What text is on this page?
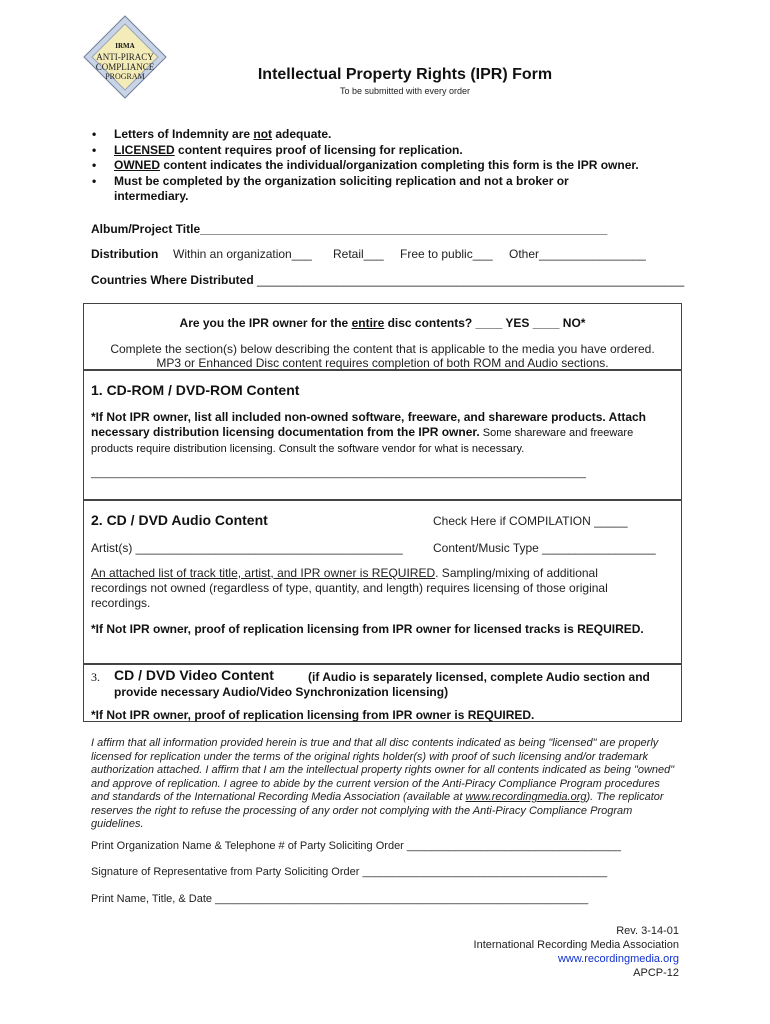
IRMA
ANTI-PIRACY
COMPLIANCE
PROGRAM	Intellectual Property Rights (IPR) Form
To be submitted with every order
• Letters of Indemnity are not adequate.
• LICENSED content requires proof of licensing for replication.
• OWNED content indicates the individual/organization completing this form is the IPR owner.
• Must be completed by the organization soliciting replication and not a broker or intermediary.
Album/Project Title_____________________________________________________________
Distribution Within an organization___ Retail___ Free to public___ Other________________
Countries Where Distributed ________________________________________________________________
Are you the IPR owner for the entire disc contents? ____ YES ____ NO*
Complete the section(s) below describing the content that is applicable to the media you have ordered.
MP3 or Enhanced Disc content requires completion of both ROM and Audio sections.
1. CD-ROM / DVD-ROM Content
*If Not IPR owner, list all included non-owned software, freeware, and shareware products. Attach necessary distribution licensing documentation from the IPR owner. Some shareware and freeware products require distribution licensing. Consult the software vendor for what is necessary.
_________________________________________________________________________________________
2. CD / DVD Audio Content	Check Here if COMPILATION _____
Artist(s) ________________________________________	Content/Music Type _________________
An attached list of track title, artist, and IPR owner is REQUIRED. Sampling/mixing of additional recordings not owned (regardless of type, quantity, and length) requires licensing of those original recordings.
*If Not IPR owner, proof of replication licensing from IPR owner for licensed tracks is REQUIRED.
3. CD / DVD Video Content	(if Audio is separately licensed, complete Audio section and
provide necessary Audio/Video Synchronization licensing)
*If Not IPR owner, proof of replication licensing from IPR owner is REQUIRED.
I affirm that all information provided herein is true and that all disc contents indicated as being "licensed" are properly licensed for replication under the terms of the original rights holder(s) with proof of such licensing and/or trademark authorization attached. I affirm that I am the intellectual property rights owner for all contents indicated as being "owned" and approve of replication. I agree to abide by the current version of the Anti-Piracy Compliance Program procedures and standards of the International Recording Media Association (available at www.recordingmedia.org). The replicator reserves the right to refuse the processing of any order not complying with the Anti-Piracy Compliance Program guidelines.
Print Organization Name & Telephone # of Party Soliciting Order ___________________________________
Signature of Representative from Party Soliciting Order ________________________________________
Print Name, Title, & Date _____________________________________________________________
Rev. 3-14-01
International Recording Media Association
www.recordingmedia.org
APCP-12
